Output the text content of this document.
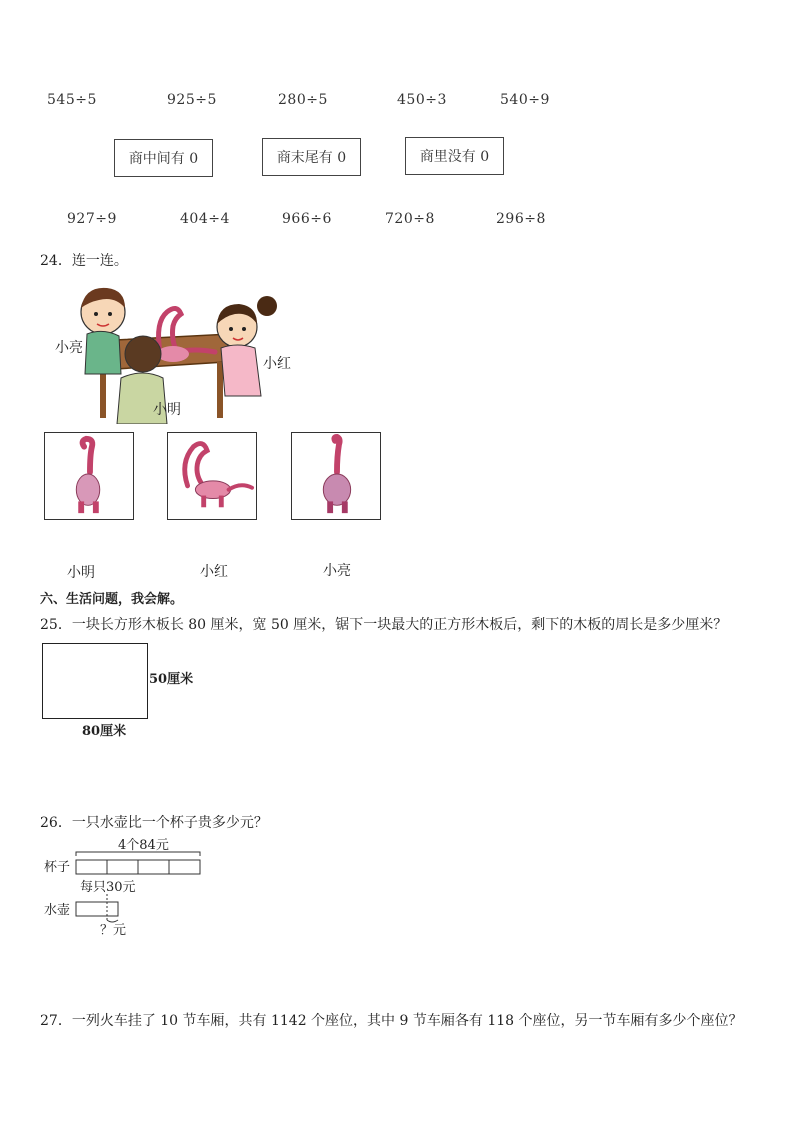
545÷5	925÷5	280÷5	450÷3	540÷9
商中间有 0	商末尾有 0	商里没有 0
927÷9	404÷4	966÷6	720÷8	296÷8
24．连一连。
小亮
小红
小明
小明	小红	小亮
六、生活问题，我会解。
25．一块长方形木板长 80 厘米，宽 50 厘米，锯下一块最大的正方形木板后，剩下的木板的周长是多少厘米？
50厘米
80厘米
26．一只水壶比一个杯子贵多少元？
4个84元
杯子
每只30元
水壶
？元
27．一列火车挂了 10 节车厢，共有 1142 个座位，其中 9 节车厢各有 118 个座位，另一节车厢有多少个座位？
